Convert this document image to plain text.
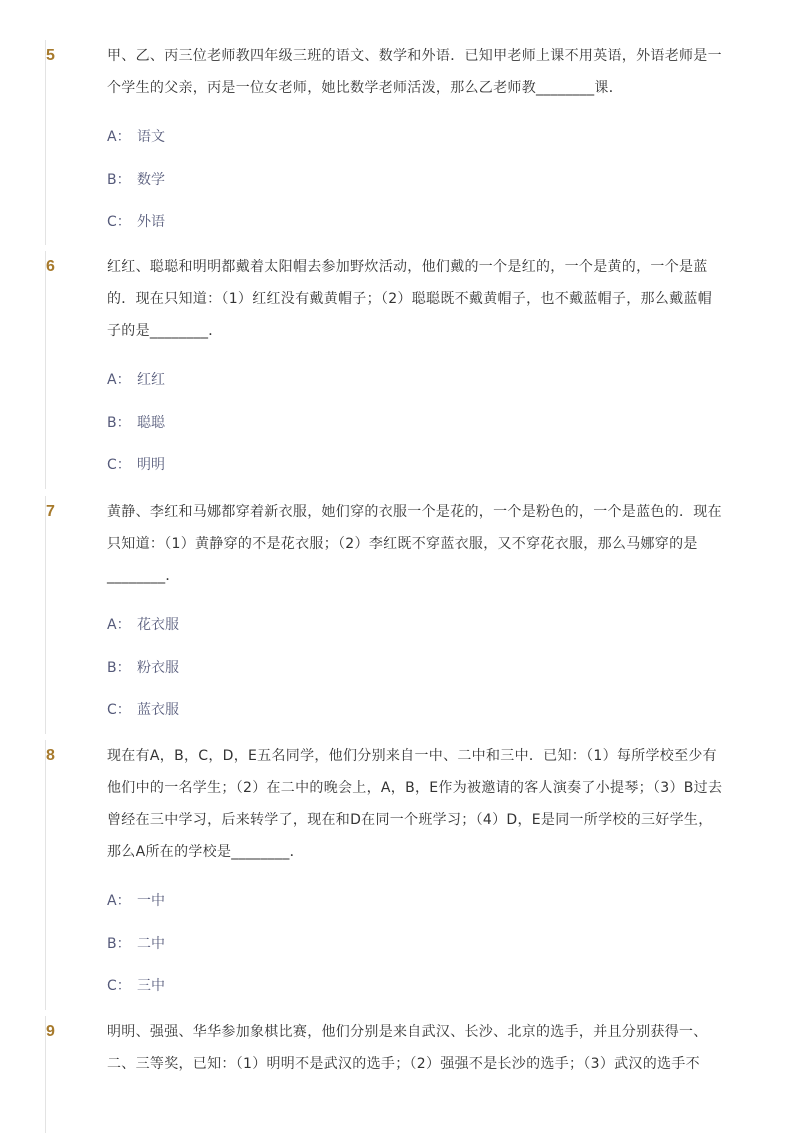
5	甲、乙、丙三位老师教四年级三班的语文、数学和外语．已知甲老师上课不用英语，外语老师是一个学生的父亲，丙是一位女老师，她比数学老师活泼，那么乙老师教________课．
A： 语文
B： 数学
C： 外语
6	红红、聪聪和明明都戴着太阳帽去参加野炊活动，他们戴的一个是红的，一个是黄的，一个是蓝的．现在只知道：（1）红红没有戴黄帽子；（2）聪聪既不戴黄帽子，也不戴蓝帽子，那么戴蓝帽子的是________．
A： 红红
B： 聪聪
C： 明明
7	黄静、李红和马娜都穿着新衣服，她们穿的衣服一个是花的，一个是粉色的，一个是蓝色的．现在只知道：（1）黄静穿的不是花衣服；（2）李红既不穿蓝衣服，又不穿花衣服，那么马娜穿的是________．
A： 花衣服
B： 粉衣服
C： 蓝衣服
8	现在有A，B，C，D，E五名同学，他们分别来自一中、二中和三中．已知：（1）每所学校至少有他们中的一名学生；（2）在二中的晚会上，A，B，E作为被邀请的客人演奏了小提琴；（3）B过去曾经在三中学习，后来转学了，现在和D在同一个班学习；（4）D，E是同一所学校的三好学生，那么A所在的学校是________．
A： 一中
B： 二中
C： 三中
9	明明、强强、华华参加象棋比赛，他们分别是来自武汉、长沙、北京的选手，并且分别获得一、二、三等奖，已知：（1）明明不是武汉的选手；（2）强强不是长沙的选手；（3）武汉的选手不
